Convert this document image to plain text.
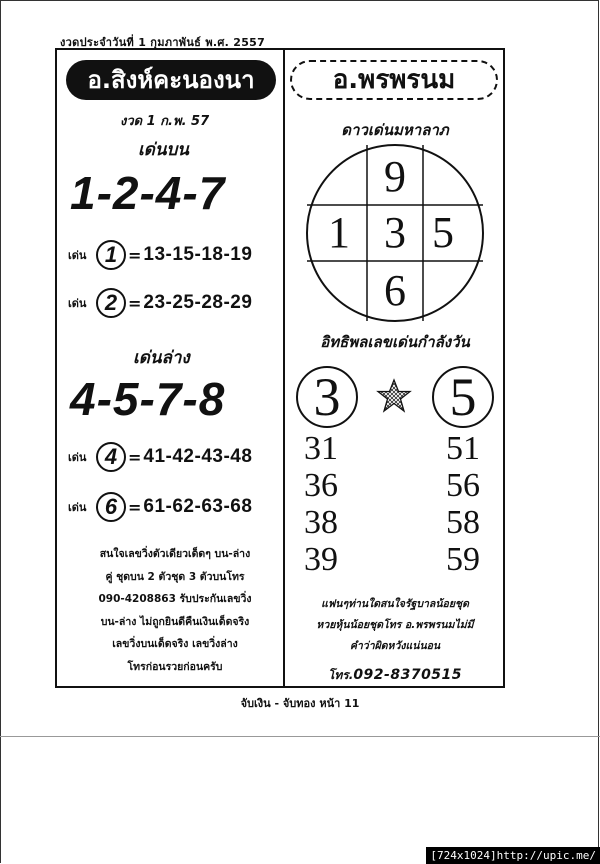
งวดประจำวันที่ 1 กุมภาพันธ์ พ.ศ. 2557
อ.สิงห์คะนองนา
งวด 1 ก.พ. 57
เด่นบน
1-2-4-7
เด่น 1 = 13-15-18-19
เด่น 2 = 23-25-28-29
เด่นล่าง
4-5-7-8
เด่น 4 = 41-42-43-48
เด่น 6 = 61-62-63-68
สนใจเลขวิ่งตัวเดียวเด็ดๆ บน-ล่าง
คู่ ชุดบน 2 ตัวชุด 3 ตัวบนโทร
090-4208863 รับประกันเลขวิ่ง
บน-ล่าง ไม่ถูกยินดีคืนเงินเด็ดจริง
เลขวิ่งบนเด็ดจริง เลขวิ่งล่าง
โทรก่อนรวยก่อนครับ
อ.พรพรนม
ดาวเด่นมหาลาภ
9
1 3 5
6
อิทธิพลเลขเด่นกำลังวัน
3	5
31
36
38
39
51
56
58
59
แฟนๆท่านใดสนใจรัฐบาลน้อยชุด
หวยหุ้นน้อยชุดโทร อ.พรพรนมไม่มี
คำว่าผิดหวังแน่นอน
โทร.092-8370515
จับเงิน - จับทอง หน้า 11
[724x1024]http://upic.me/
